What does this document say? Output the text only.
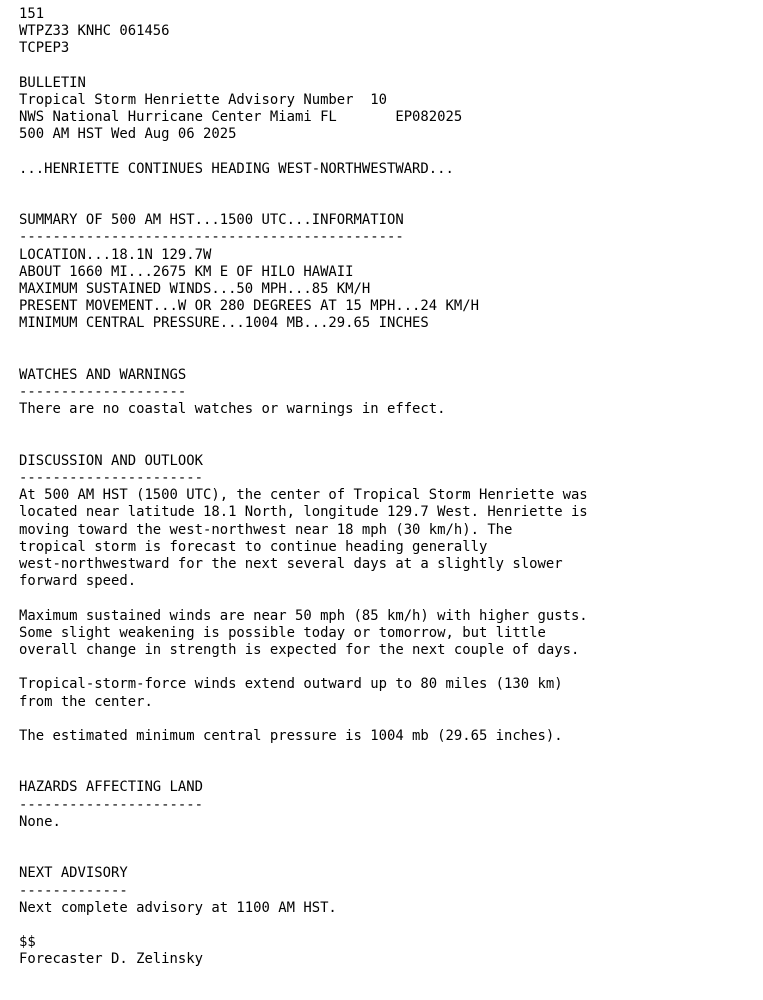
151
WTPZ33 KNHC 061456
TCPEP3
BULLETIN
Tropical Storm Henriette Advisory Number  10
NWS National Hurricane Center Miami FL       EP082025
500 AM HST Wed Aug 06 2025
...HENRIETTE CONTINUES HEADING WEST-NORTHWESTWARD...
SUMMARY OF 500 AM HST...1500 UTC...INFORMATION
----------------------------------------------
LOCATION...18.1N 129.7W
ABOUT 1660 MI...2675 KM E OF HILO HAWAII
MAXIMUM SUSTAINED WINDS...50 MPH...85 KM/H
PRESENT MOVEMENT...W OR 280 DEGREES AT 15 MPH...24 KM/H
MINIMUM CENTRAL PRESSURE...1004 MB...29.65 INCHES
WATCHES AND WARNINGS
--------------------
There are no coastal watches or warnings in effect.
DISCUSSION AND OUTLOOK
----------------------
At 500 AM HST (1500 UTC), the center of Tropical Storm Henriette was
located near latitude 18.1 North, longitude 129.7 West. Henriette is
moving toward the west-northwest near 18 mph (30 km/h). The
tropical storm is forecast to continue heading generally
west-northwestward for the next several days at a slightly slower
forward speed.
Maximum sustained winds are near 50 mph (85 km/h) with higher gusts.
Some slight weakening is possible today or tomorrow, but little
overall change in strength is expected for the next couple of days.
Tropical-storm-force winds extend outward up to 80 miles (130 km)
from the center.
The estimated minimum central pressure is 1004 mb (29.65 inches).
HAZARDS AFFECTING LAND
----------------------
None.
NEXT ADVISORY
-------------
Next complete advisory at 1100 AM HST.
$$
Forecaster D. Zelinsky
